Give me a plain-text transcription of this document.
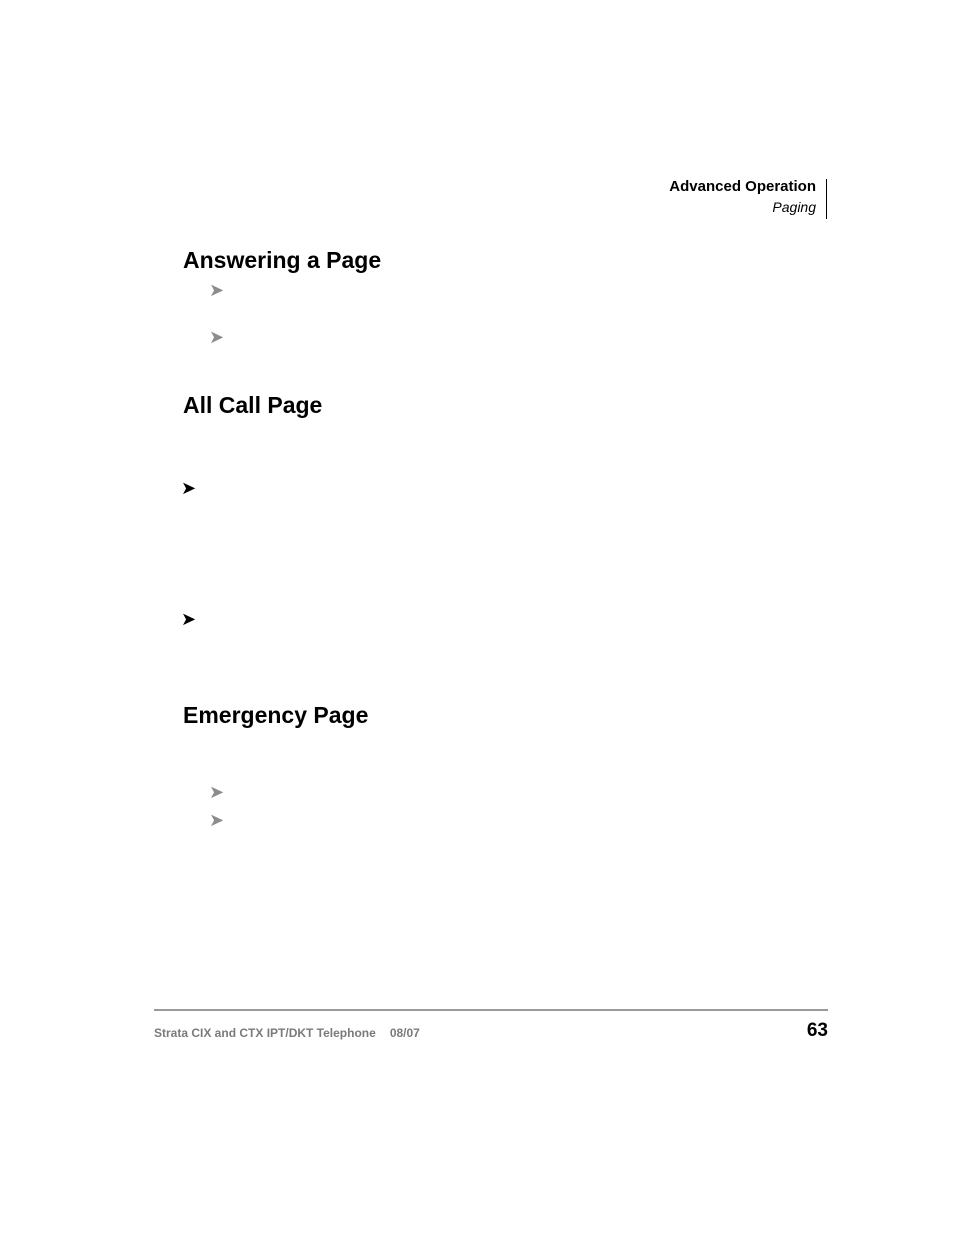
Advanced Operation
Paging
Answering a Page
➤
➤
All Call Page
➤
➤
Emergency Page
➤
➤
Strata CIX and CTX IPT/DKT Telephone 08/07	63
